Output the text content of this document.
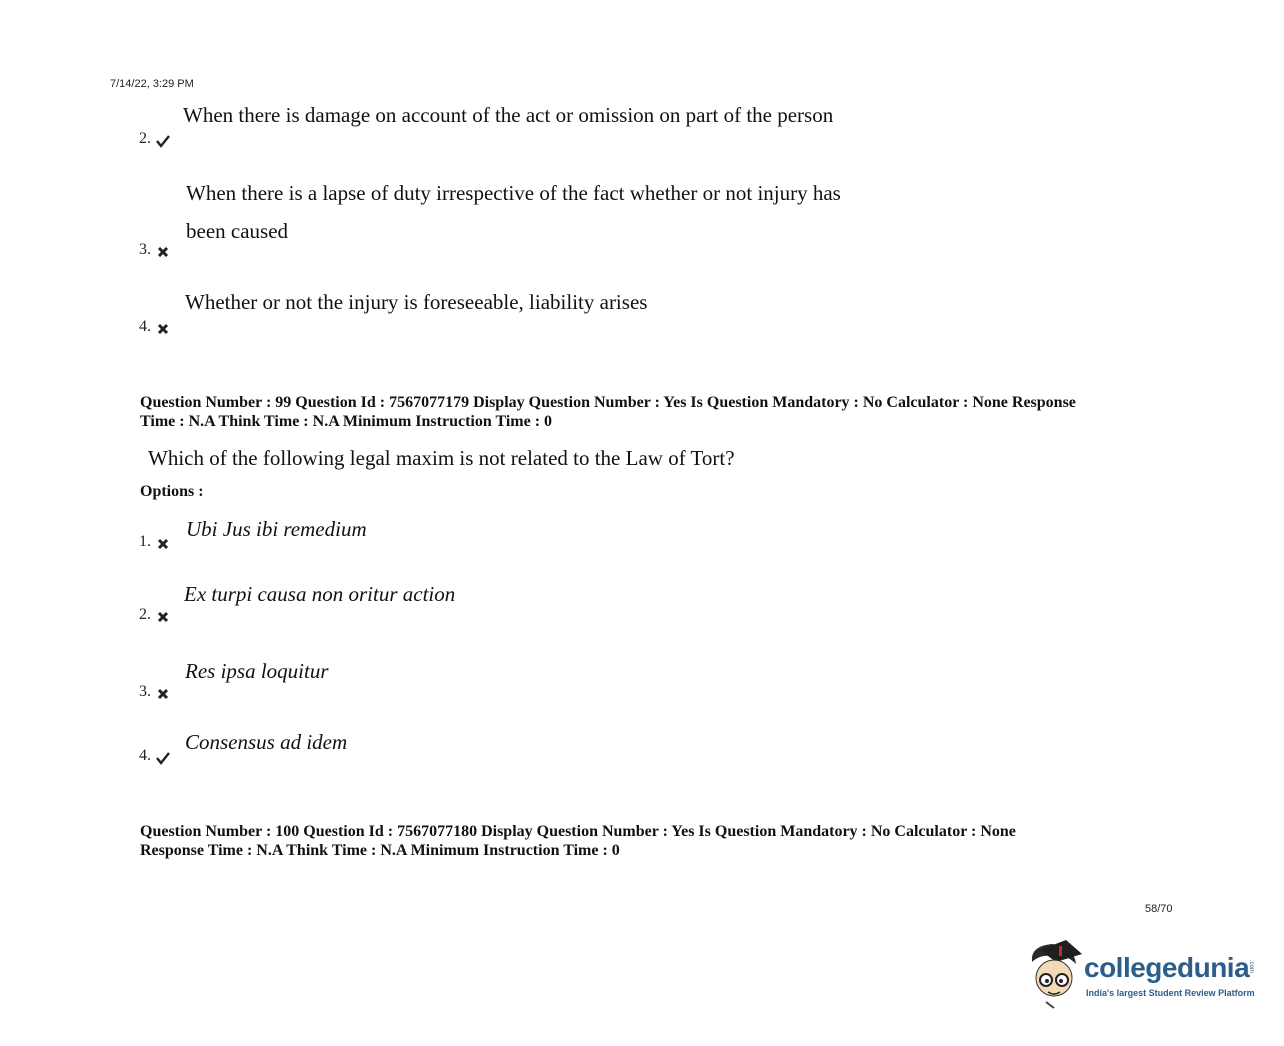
7/14/22, 3:29 PM
When there is damage on account of the act or omission on part of the person
2.
When there is a lapse of duty irrespective of the fact whether or not injury has
been caused
3.
Whether or not the injury is foreseeable, liability arises
4.
Question Number : 99 Question Id : 7567077179 Display Question Number : Yes Is Question Mandatory : No Calculator : None Response
Time : N.A Think Time : N.A Minimum Instruction Time : 0
Which of the following legal maxim is not related to the Law of Tort?
Options :
Ubi Jus ibi remedium
1.
Ex turpi causa non oritur action
2.
Res ipsa loquitur
3.
Consensus ad idem
4.
Question Number : 100 Question Id : 7567077180 Display Question Number : Yes Is Question Mandatory : No Calculator : None
Response Time : N.A Think Time : N.A Minimum Instruction Time : 0
58/70
collegedunia
.com
India's largest Student Review Platform
